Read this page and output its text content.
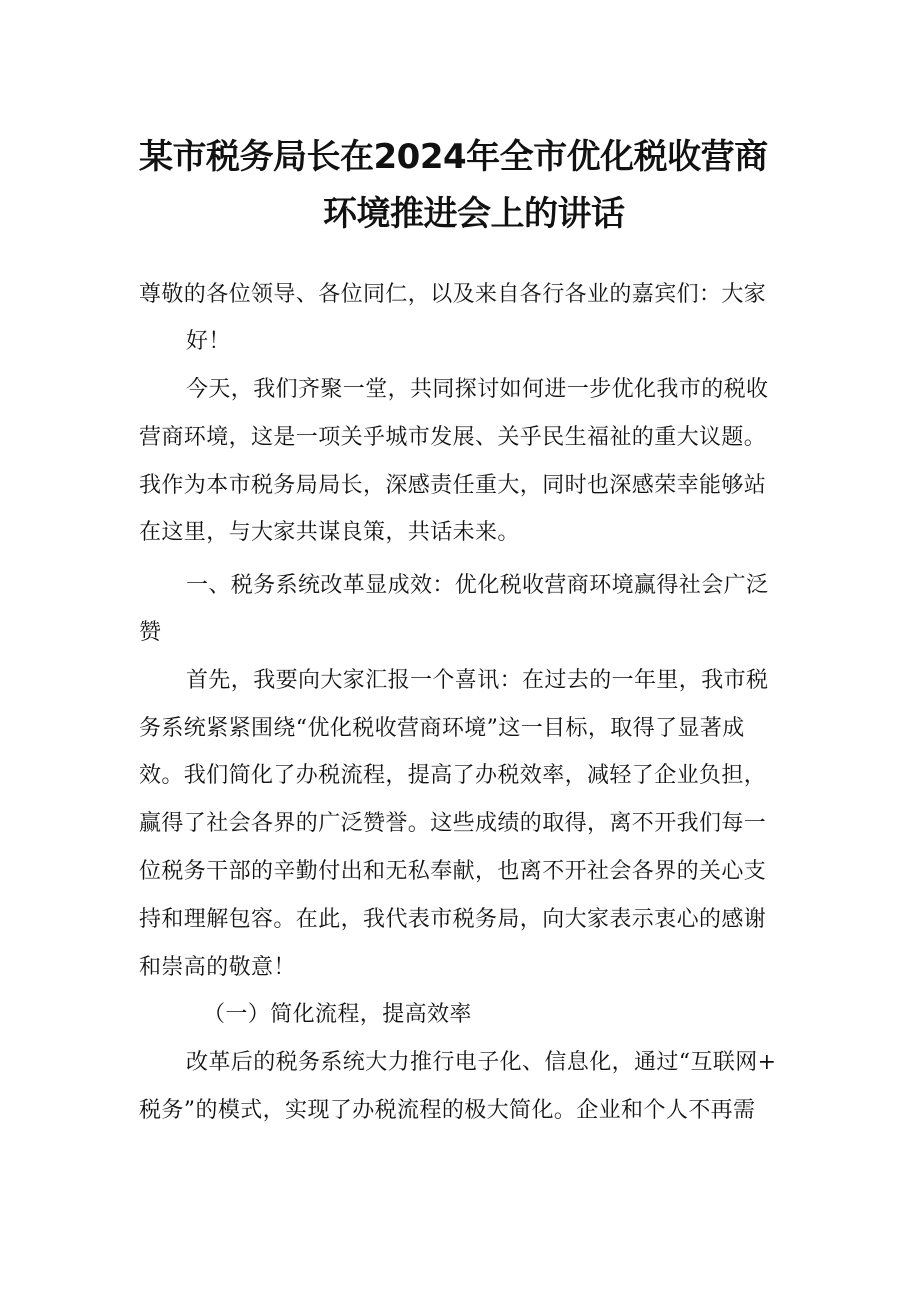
某市税务局长在2024年全市优化税收营商
环境推进会上的讲话
尊敬的各位领导、各位同仁，以及来自各行各业的嘉宾们：大家
好！
今天，我们齐聚一堂，共同探讨如何进一步优化我市的税收
营商环境，这是一项关乎城市发展、关乎民生福祉的重大议题。
我作为本市税务局局长，深感责任重大，同时也深感荣幸能够站
在这里，与大家共谋良策，共话未来。
一、税务系统改革显成效：优化税收营商环境赢得社会广泛
赞
首先，我要向大家汇报一个喜讯：在过去的一年里，我市税
务系统紧紧围绕“优化税收营商环境”这一目标，取得了显著成
效。我们简化了办税流程，提高了办税效率，减轻了企业负担，
赢得了社会各界的广泛赞誉。这些成绩的取得，离不开我们每一
位税务干部的辛勤付出和无私奉献，也离不开社会各界的关心支
持和理解包容。在此，我代表市税务局，向大家表示衷心的感谢
和崇高的敬意！
（一）简化流程，提高效率
改革后的税务系统大力推行电子化、信息化，通过“互联网+
税务”的模式，实现了办税流程的极大简化。企业和个人不再需
